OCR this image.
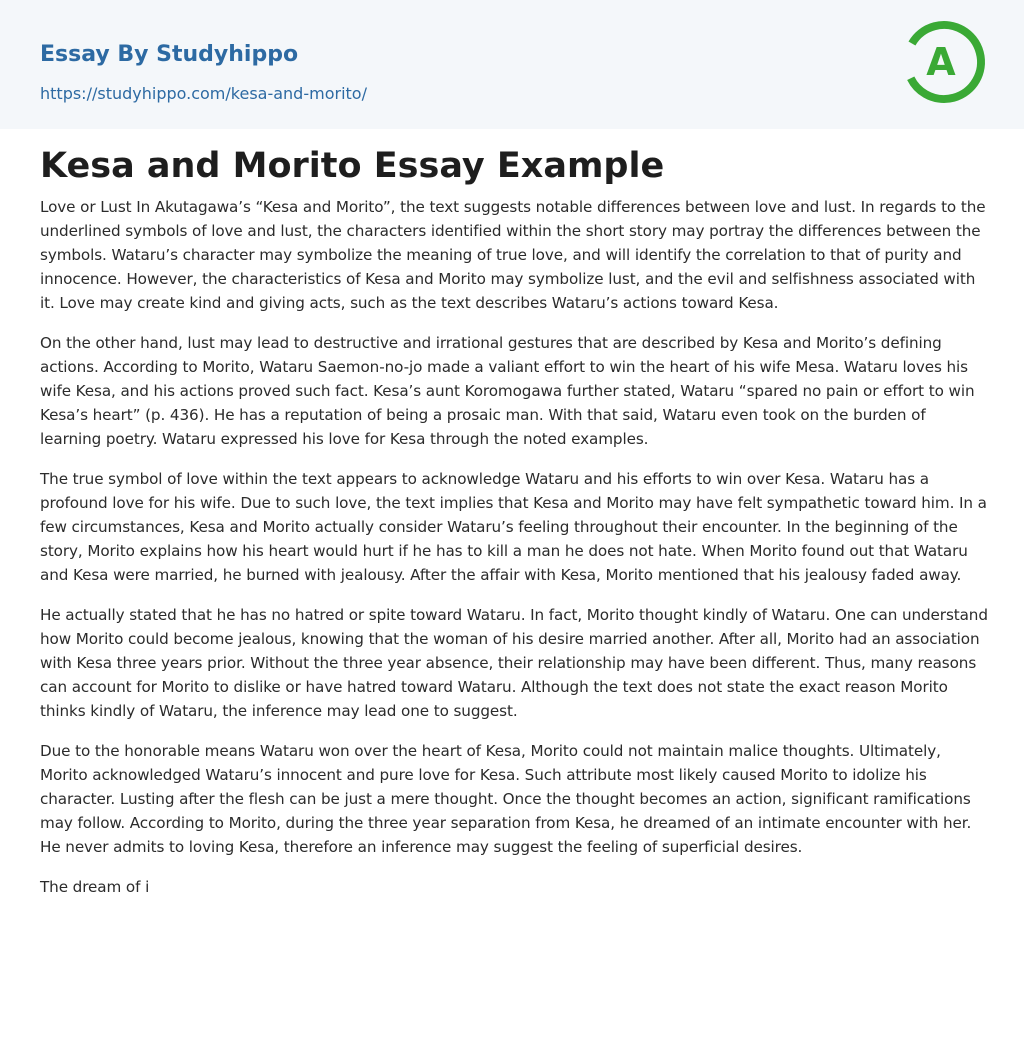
Essay By Studyhippo
https://studyhippo.com/kesa-and-morito/
A
Kesa and Morito Essay Example

Love or Lust In Akutagawa’s “Kesa and Morito”, the text suggests notable differences between love and lust. In regards to the underlined symbols of love and lust, the characters identified within the short story may portray the differences between the symbols. Wataru’s character may symbolize the meaning of true love, and will identify the correlation to that of purity and innocence. However, the characteristics of Kesa and Morito may symbolize lust, and the evil and selfishness associated with it. Love may create kind and giving acts, such as the text describes Wataru’s actions toward Kesa.

On the other hand, lust may lead to destructive and irrational gestures that are described by Kesa and Morito’s defining actions. According to Morito, Wataru Saemon-no-jo made a valiant effort to win the heart of his wife Mesa. Wataru loves his wife Kesa, and his actions proved such fact. Kesa’s aunt Koromogawa further stated, Wataru “spared no pain or effort to win Kesa’s heart” (p. 436). He has a reputation of being a prosaic man. With that said, Wataru even took on the burden of learning poetry. Wataru expressed his love for Kesa through the noted examples.

The true symbol of love within the text appears to acknowledge Wataru and his efforts to win over Kesa. Wataru has a profound love for his wife. Due to such love, the text implies that Kesa and Morito may have felt sympathetic toward him. In a few circumstances, Kesa and Morito actually consider Wataru’s feeling throughout their encounter. In the beginning of the story, Morito explains how his heart would hurt if he has to kill a man he does not hate. When Morito found out that Wataru and Kesa were married, he burned with jealousy. After the affair with Kesa, Morito mentioned that his jealousy faded away.

He actually stated that he has no hatred or spite toward Wataru. In fact, Morito thought kindly of Wataru. One can understand how Morito could become jealous, knowing that the woman of his desire married another. After all, Morito had an association with Kesa three years prior. Without the three year absence, their relationship may have been different. Thus, many reasons can account for Morito to dislike or have hatred toward Wataru. Although the text does not state the exact reason Morito thinks kindly of Wataru, the inference may lead one to suggest.

Due to the honorable means Wataru won over the heart of Kesa, Morito could not maintain malice thoughts. Ultimately, Morito acknowledged Wataru’s innocent and pure love for Kesa. Such attribute most likely caused Morito to idolize his character. Lusting after the flesh can be just a mere thought. Once the thought becomes an action, significant ramifications may follow. According to Morito, during the three year separation from Kesa, he dreamed of an intimate encounter with her. He never admits to loving Kesa, therefore an inference may suggest the feeling of superficial desires.

The dream of i
